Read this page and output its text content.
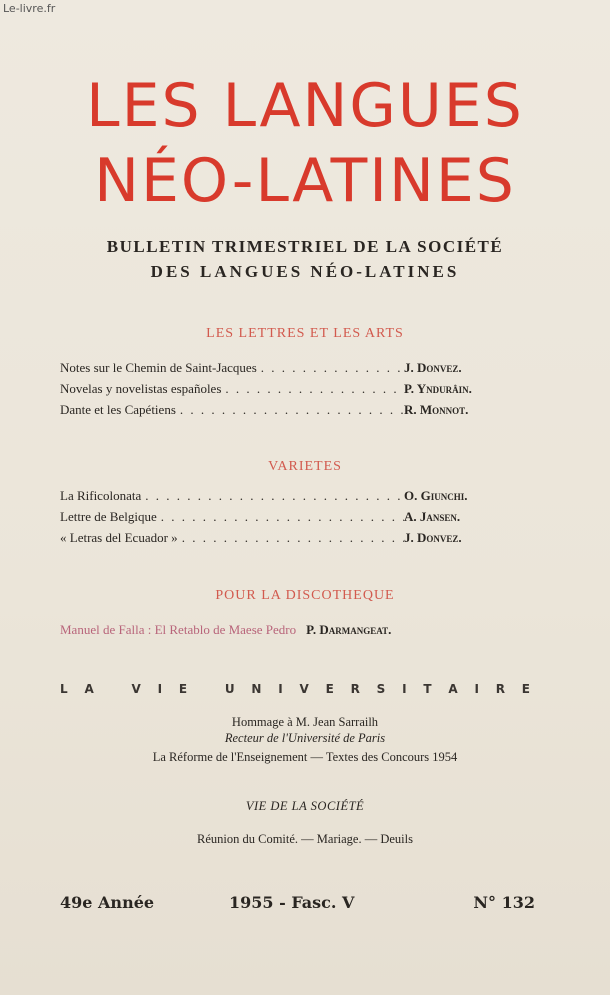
Le-livre.fr
LES LANGUES
NÉO-LATINES

BULLETIN TRIMESTRIEL DE LA SOCIÉTÉ

DES LANGUES NÉO-LATINES

LES LETTRES ET LES ARTS

Notes sur le Chemin de Saint-Jacques . . .	J. Donvez.
Novelas y novelistas españoles . . .	P. Yndurâin.
Dante et les Capétiens . . .	R. Monnot.

VARIETES

La Rificolonata . . .	O. Giunchi.
Lettre de Belgique . . .	A. Jansen.
« Letras del Ecuador » . . .	J. Donvez.

POUR LA DISCOTHEQUE

Manuel de Falla : El Retablo de Maese Pedro P. Darmangeat.

L A
	V I E
	U N I V E R S I T A I R E

Hommage à M. Jean Sarrailh

Recteur de l'Université de Paris

La Réforme de l'Enseignement — Textes des Concours 1954

VIE DE LA SOCIÉTÉ

Réunion du Comité. — Mariage. — Deuils

49e Année	1955 - Fasc. V	N° 132
